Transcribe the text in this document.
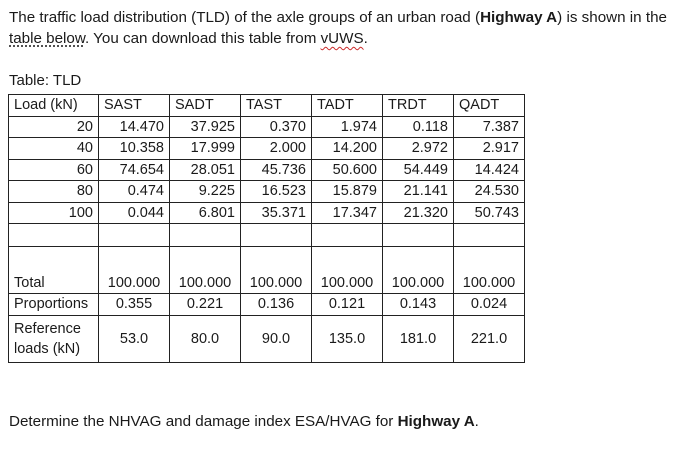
The traffic load distribution (TLD) of the axle groups of an urban road (Highway A) is shown in the table below. You can download this table from vUWS.
Table: TLD
Load (kN)	SAST	SADT	TAST	TADT	TRDT	QADT
20	14.470	37.925	0.370	1.974	0.118	7.387
40	10.358	17.999	2.000	14.200	2.972	2.917
60	74.654	28.051	45.736	50.600	54.449	14.424
80	0.474	9.225	16.523	15.879	21.141	24.530
100	0.044	6.801	35.371	17.347	21.320	50.743

Total	100.000	100.000	100.000	100.000	100.000	100.000
Proportions	0.355	0.221	0.136	0.121	0.143	0.024
Reference
loads (kN)	53.0	80.0	90.0	135.0	181.0	221.0
Determine the NHVAG and damage index ESA/HVAG for Highway A.
